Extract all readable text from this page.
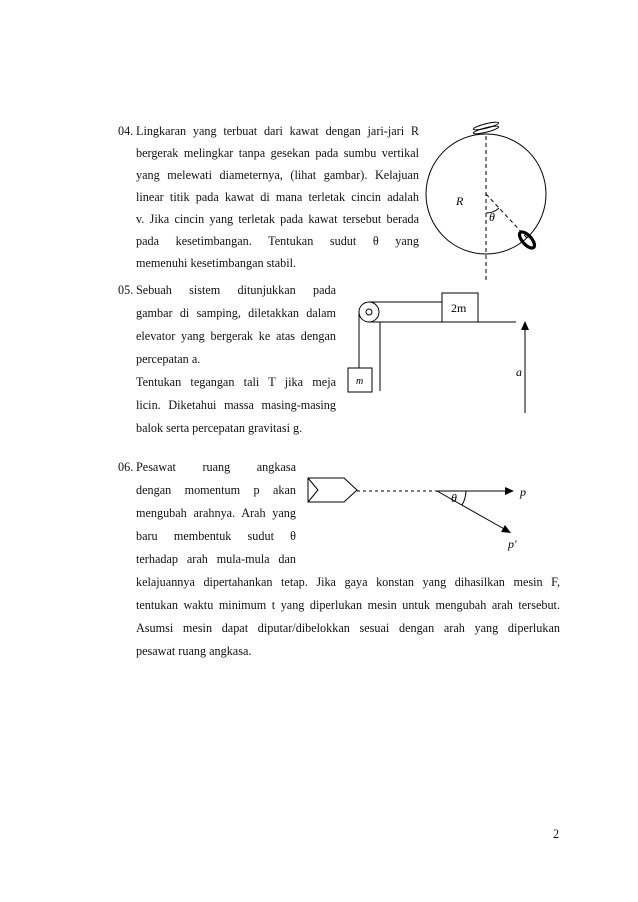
04. Lingkaran yang terbuat dari kawat dengan jari-jari R
bergerak melingkar tanpa gesekan pada sumbu vertikal
yang melewati diameternya, (lihat gambar). Kelajuan
linear titik pada kawat di mana terletak cincin adalah
v. Jika cincin yang terletak pada kawat tersebut berada
pada kesetimbangan. Tentukan sudut θ yang
memenuhi kesetimbangan stabil.
R
θ
05. Sebuah sistem ditunjukkan pada
gambar di samping, diletakkan dalam
elevator yang bergerak ke atas dengan
percepatan a.
Tentukan tegangan tali T jika meja
licin. Diketahui massa masing-masing
balok serta percepatan gravitasi g.
2m
m
a
06. Pesawat ruang angkasa
dengan momentum p akan
mengubah arahnya. Arah yang
baru membentuk sudut θ
terhadap arah mula-mula dan
kelajuannya dipertahankan tetap. Jika gaya konstan yang dihasilkan mesin F,
tentukan waktu minimum t yang diperlukan mesin untuk mengubah arah tersebut.
Asumsi mesin dapat diputar/dibelokkan sesuai dengan arah yang diperlukan
pesawat ruang angkasa.
θ	p
p'
2
